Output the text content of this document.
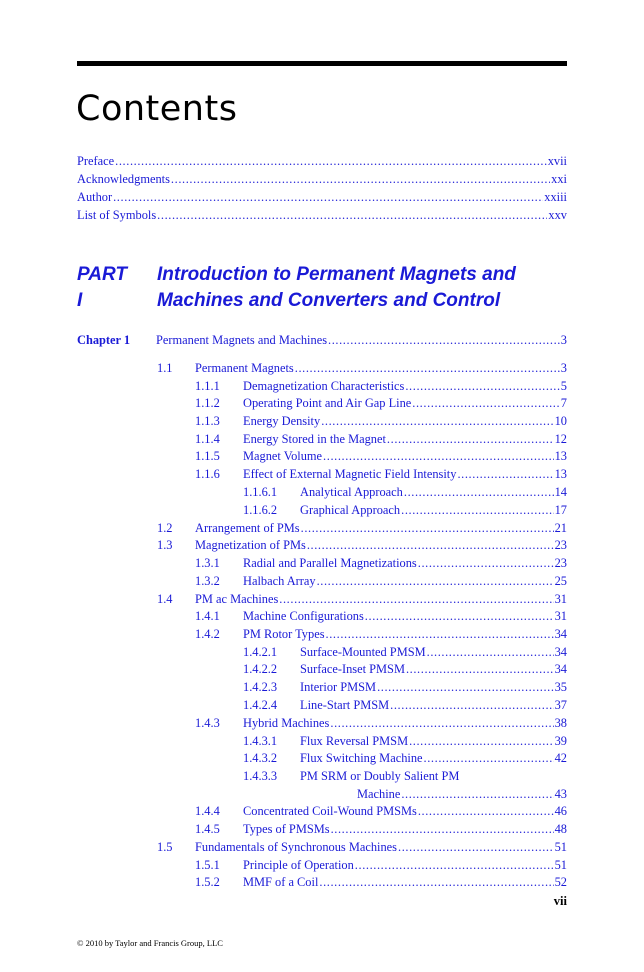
Contents
Preface .....	xvii
Acknowledgments .....	xxi
Author .....	xxiii
List of Symbols .....	xxv
PART I
Introduction to Permanent Magnets and Machines and Converters and Control
Chapter 1	Permanent Magnets and Machines .....	3
1.1	Permanent Magnets .....	3
1.1.1	Demagnetization Characteristics .....	5
1.1.2	Operating Point and Air Gap Line .....	7
1.1.3	Energy Density .....	10
1.1.4	Energy Stored in the Magnet .....	12
1.1.5	Magnet Volume .....	13
1.1.6	Effect of External Magnetic Field Intensity .....	13
1.1.6.1	Analytical Approach .....	14
1.1.6.2	Graphical Approach .....	17
1.2	Arrangement of PMs .....	21
1.3	Magnetization of PMs .....	23
1.3.1	Radial and Parallel Magnetizations .....	23
1.3.2	Halbach Array .....	25
1.4	PM ac Machines .....	31
1.4.1	Machine Configurations .....	31
1.4.2	PM Rotor Types .....	34
1.4.2.1	Surface-Mounted PMSM .....	34
1.4.2.2	Surface-Inset PMSM .....	34
1.4.2.3	Interior PMSM .....	35
1.4.2.4	Line-Start PMSM .....	37
1.4.3	Hybrid Machines .....	38
1.4.3.1	Flux Reversal PMSM .....	39
1.4.3.2	Flux Switching Machine .....	42
1.4.3.3	PM SRM or Doubly Salient PM
Machine .....	43
1.4.4	Concentrated Coil-Wound PMSMs .....	46
1.4.5	Types of PMSMs .....	48
1.5	Fundamentals of Synchronous Machines .....	51
1.5.1	Principle of Operation .....	51
1.5.2	MMF of a Coil .....	52
vii
© 2010 by Taylor and Francis Group, LLC
